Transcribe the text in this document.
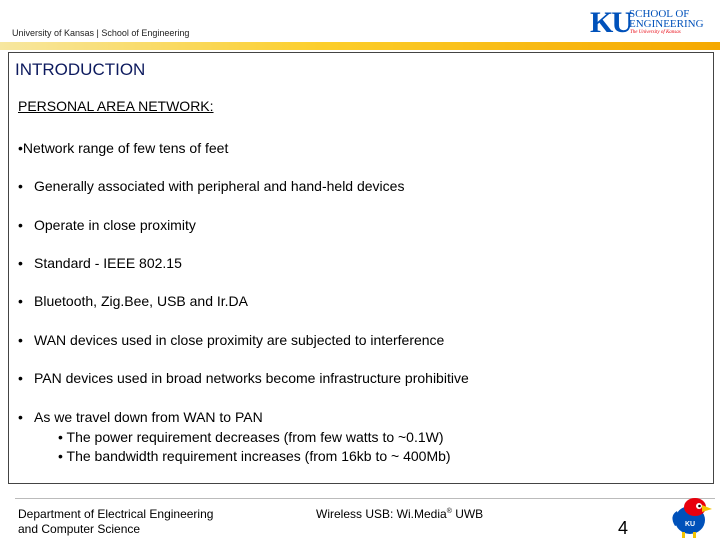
University of Kansas | School of Engineering	KU
SCHOOL OF
ENGINEERING
The University of Kansas
INTRODUCTION
PERSONAL AREA NETWORK:
•Network range of few tens of feet
• Generally associated with peripheral and hand-held devices
• Operate in close proximity
• Standard - IEEE 802.15
• Bluetooth, Zig.Bee, USB and Ir.DA
• WAN devices used in close proximity are subjected to interference
• PAN devices used in broad networks become infrastructure prohibitive
• As we travel down from WAN to PAN
• The power requirement decreases (from few watts to ~0.1W)
• The bandwidth requirement increases (from 16kb to ~ 400Mb)
Department of Electrical Engineering
and Computer Science
Wireless USB: Wi.Media® UWB
4	KU
